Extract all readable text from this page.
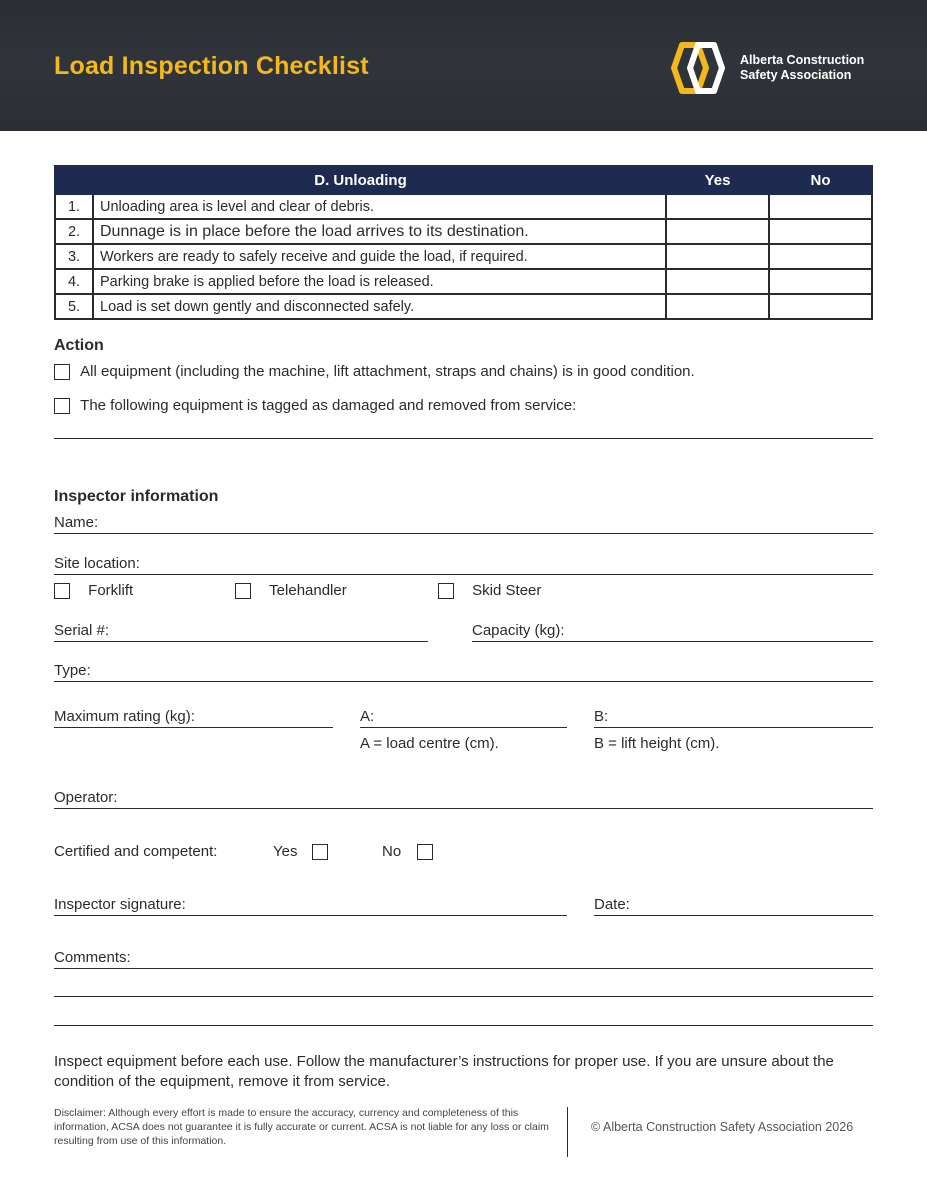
Load Inspection Checklist	Alberta Construction
Safety Association
D. Unloading		Yes	No
1.	Unloading area is level and clear of debris.		
2.	Dunnage is in place before the load arrives to its destination.		
3.	Workers are ready to safely receive and guide the load, if required.		
4.	Parking brake is applied before the load is released.		
5.	Load is set down gently and disconnected safely.		
Action
All equipment (including the machine, lift attachment, straps and chains) is in good condition.
The following equipment is tagged as damaged and removed from service:
Inspector information
Name:
Site location:
Forklift	Telehandler	Skid Steer
Serial #:	Capacity (kg):
Type:
Maximum rating (kg):	A:	B:
A = load centre (cm).	B = lift height (cm).
Operator:
Certified and competent:	Yes	No
Inspector signature:	Date:
Comments:
Inspect equipment before each use. Follow the manufacturer’s instructions for proper use. If you are unsure about the condition of the equipment, remove it from service.
Disclaimer: Although every effort is made to ensure the accuracy, currency and completeness of this information, ACSA does not guarantee it is fully accurate or current. ACSA is not liable for any loss or claim resulting from use of this information.
© Alberta Construction Safety Association 2026
